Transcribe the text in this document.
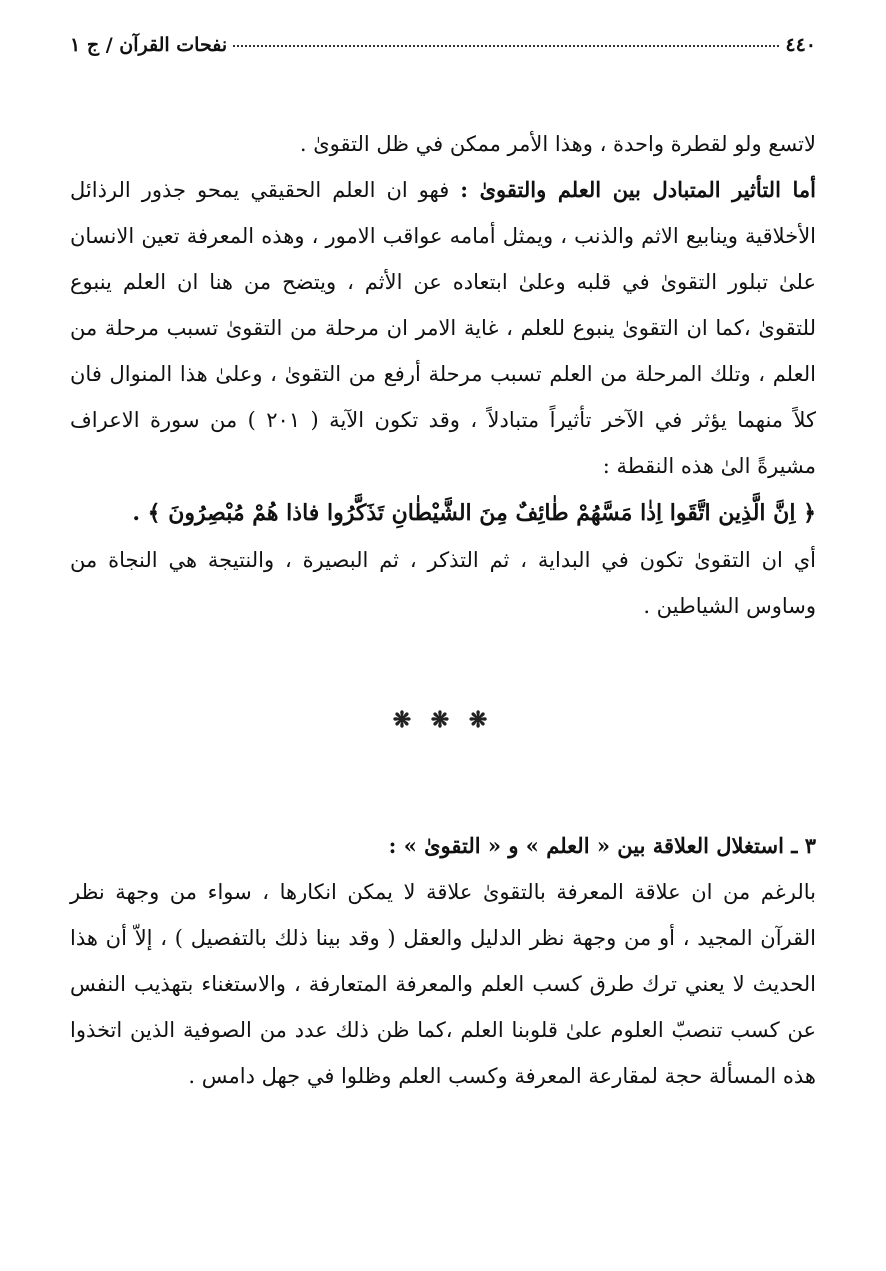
٤٤٠
نفحات القرآن / ج ١

لاتسع ولو لقطرة واحدة ، وهذا الأمر ممكن في ظل التقوىٰ .

أما التأثير المتبادل بين العلم والتقوىٰ : فهو ان العلم الحقيقي يمحو جذور الرذائل الأخلاقية وينابيع الاثم والذنب ، ويمثل أمامه عواقب الامور ، وهذه المعرفة تعين الانسان علىٰ تبلور التقوىٰ في قلبه وعلىٰ ابتعاده عن الأثم ، ويتضح من هنا ان العلم ينبوع للتقوىٰ ،كما ان التقوىٰ ينبوع للعلم ، غاية الامر ان مرحلة من التقوىٰ تسبب مرحلة من العلم ، وتلك المرحلة من العلم تسبب مرحلة أرفع من التقوىٰ ، وعلىٰ هذا المنوال فان كلاً منهما يؤثر في الآخر تأثيراً متبادلاً ، وقد تكون الآية ( ٢٠١ ) من سورة الاعراف مشيرةً الىٰ هذه النقطة :

﴿ اِنَّ الَّذِين اتَّقَوا اِذٰا مَسَّهُمْ طٰائِفٌ مِنَ الشَّيْطٰانِ تَذَكَّرُوا فاذا هُمْ مُبْصِرُونَ ﴾ .

أي ان التقوىٰ تكون في البداية ، ثم التذكر ، ثم البصيرة ، والنتيجة هي النجاة من وساوس الشياطين .

❋ ❋ ❋

٣ ـ استغلال العلاقة بين « العلم » و « التقوىٰ » :

بالرغم من ان علاقة المعرفة بالتقوىٰ علاقة لا يمكن انكارها ، سواء من وجهة نظر القرآن المجيد ، أو من وجهة نظر الدليل والعقل ( وقد بينا ذلك بالتفصيل ) ، إلاّ أن هذا الحديث لا يعني ترك طرق كسب العلم والمعرفة المتعارفة ، والاستغناء بتهذيب النفس عن كسب تنصبّ العلوم علىٰ قلوبنا العلم ،كما ظن ذلك عدد من الصوفية الذين اتخذوا هذه المسألة حجة لمقارعة المعرفة وكسب العلم وظلوا في جهل دامس .
